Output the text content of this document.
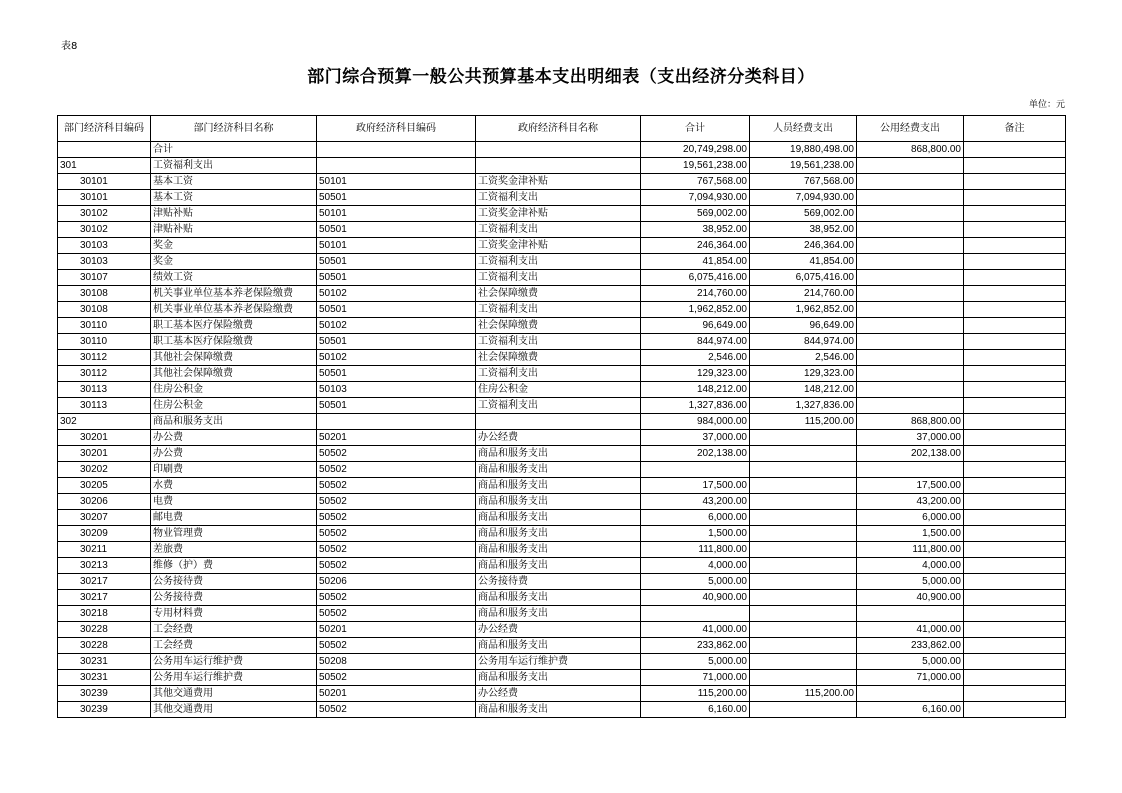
表8
部门综合预算一般公共预算基本支出明细表（支出经济分类科目）
单位：元
部门经济科目编码	部门经济科目名称	政府经济科目编码	政府经济科目名称	合计	人员经费支出	公用经费支出	备注
	合计			20,749,298.00	19,880,498.00	868,800.00	
301	工资福利支出			19,561,238.00	19,561,238.00		
30101	基本工资	50101	工资奖金津补贴	767,568.00	767,568.00		
30101	基本工资	50501	工资福利支出	7,094,930.00	7,094,930.00		
30102	津贴补贴	50101	工资奖金津补贴	569,002.00	569,002.00		
30102	津贴补贴	50501	工资福利支出	38,952.00	38,952.00		
30103	奖金	50101	工资奖金津补贴	246,364.00	246,364.00		
30103	奖金	50501	工资福利支出	41,854.00	41,854.00		
30107	绩效工资	50501	工资福利支出	6,075,416.00	6,075,416.00		
30108	机关事业单位基本养老保险缴费	50102	社会保障缴费	214,760.00	214,760.00		
30108	机关事业单位基本养老保险缴费	50501	工资福利支出	1,962,852.00	1,962,852.00		
30110	职工基本医疗保险缴费	50102	社会保障缴费	96,649.00	96,649.00		
30110	职工基本医疗保险缴费	50501	工资福利支出	844,974.00	844,974.00		
30112	其他社会保障缴费	50102	社会保障缴费	2,546.00	2,546.00		
30112	其他社会保障缴费	50501	工资福利支出	129,323.00	129,323.00		
30113	住房公积金	50103	住房公积金	148,212.00	148,212.00		
30113	住房公积金	50501	工资福利支出	1,327,836.00	1,327,836.00		
302	商品和服务支出			984,000.00	115,200.00	868,800.00	
30201	办公费	50201	办公经费	37,000.00		37,000.00	
30201	办公费	50502	商品和服务支出	202,138.00		202,138.00	
30202	印刷费	50502	商品和服务支出				
30205	水费	50502	商品和服务支出	17,500.00		17,500.00	
30206	电费	50502	商品和服务支出	43,200.00		43,200.00	
30207	邮电费	50502	商品和服务支出	6,000.00		6,000.00	
30209	物业管理费	50502	商品和服务支出	1,500.00		1,500.00	
30211	差旅费	50502	商品和服务支出	111,800.00		111,800.00	
30213	维修（护）费	50502	商品和服务支出	4,000.00		4,000.00	
30217	公务接待费	50206	公务接待费	5,000.00		5,000.00	
30217	公务接待费	50502	商品和服务支出	40,900.00		40,900.00	
30218	专用材料费	50502	商品和服务支出				
30228	工会经费	50201	办公经费	41,000.00		41,000.00	
30228	工会经费	50502	商品和服务支出	233,862.00		233,862.00	
30231	公务用车运行维护费	50208	公务用车运行维护费	5,000.00		5,000.00	
30231	公务用车运行维护费	50502	商品和服务支出	71,000.00		71,000.00	
30239	其他交通费用	50201	办公经费	115,200.00	115,200.00		
30239	其他交通费用	50502	商品和服务支出	6,160.00		6,160.00	
